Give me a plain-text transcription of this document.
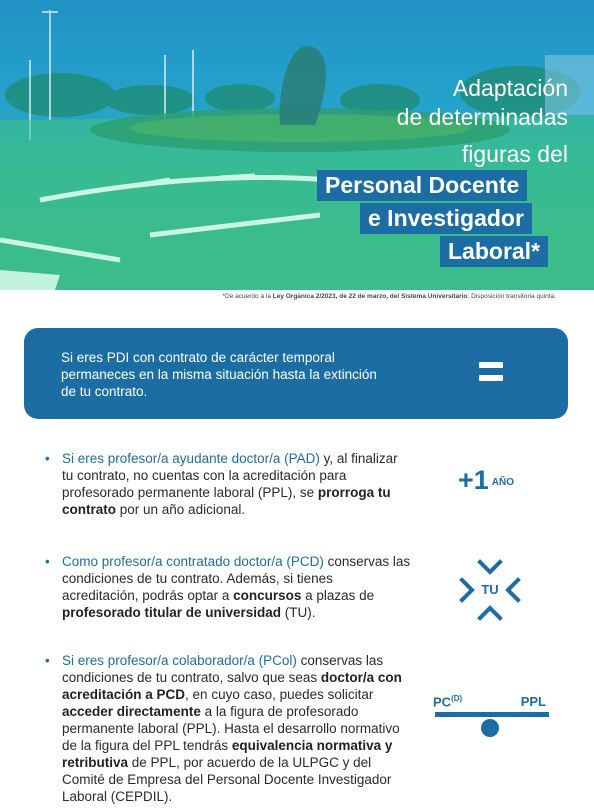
Adaptación
de determinadas
figuras del
Personal Docente
e Investigador
Laboral*
*De acuerdo a la Ley Orgánica 2/2023, de 22 de marzo, del Sistema Universitario: Disposición transitoria quinta.
Si eres PDI con contrato de carácter temporal permaneces en la misma situación hasta la extinción de tu contrato.
• Si eres profesor/a ayudante doctor/a (PAD) y, al finalizar tu contrato, no cuentas con la acreditación para profesorado permanente laboral (PPL), se prorroga tu contrato por un año adicional.
+1 $^{AÑO}$
• Como profesor/a contratado doctor/a (PCD) conservas las condiciones de tu contrato. Además, si tienes acreditación, podrás optar a concursos a plazas de profesorado titular de universidad (TU).
TU
• Si eres profesor/a colaborador/a (PCol) conservas las condiciones de tu contrato, salvo que seas doctor/a con acreditación a PCD, en cuyo caso, puedes solicitar acceder directamente a la figura de profesorado permanente laboral (PPL). Hasta el desarrollo normativo de la figura del PPL tendrás equivalencia normativa y retributiva de PPL, por acuerdo de la ULPGC y del Comité de Empresa del Personal Docente Investigador Laboral (CEPDIL).
$PC^{(D)}$	PPL
